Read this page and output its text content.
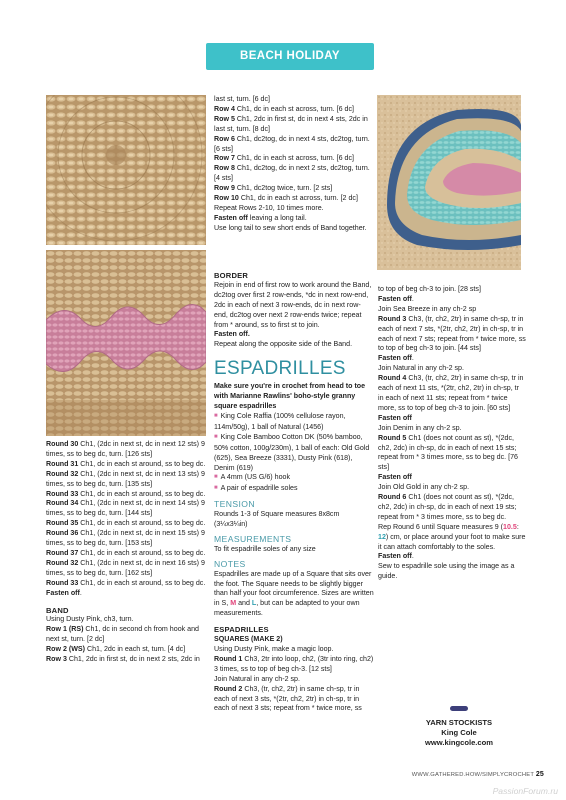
BEACH HOLIDAY COLLECTION

last st, turn. [6 dc]

Row 4 Ch1, dc in each st across, turn. [6 dc]

Row 5 Ch1, 2dc in first st, dc in next 4 sts, 2dc in last st, turn. [8 dc]

Row 6 Ch1, dc2tog, dc in next 4 sts, dc2tog, turn. [6 sts]

Row 7 Ch1, dc in each st across, turn. [6 dc]

Row 8 Ch1, dc2tog, dc in next 2 sts, dc2tog, turn. [4 sts]

Row 9 Ch1, dc2tog twice, turn. [2 sts]

Row 10 Ch1, dc in each st across, turn. [2 dc]

Repeat Rows 2-10, 10 times more.

Fasten off leaving a long tail.

Use long tail to sew short ends of Band together.

BORDER

Rejoin in end of first row to work around the Band, dc2tog over first 2 row-ends, *dc in next row-end, 2dc in each of next 3 row-ends, dc in next row-end, dc2tog over next 2 row-ends twice; repeat from * around, ss to first st to join.

Fasten off.

Repeat along the opposite side of the Band.

ESPADRILLES

Make sure you're in crochet from head to toe with Marianne Rawlins' boho-style granny square espadrilles

■ King Cole Raffia (100% cellulose rayon, 114m/50g), 1 ball of Natural (1456)

■ King Cole Bamboo Cotton DK (50% bamboo, 50% cotton, 100g/230m), 1 ball of each: Old Gold (625), Sea Breeze (3331), Dusty Pink (618), Denim (619)

■ A 4mm (US G/6) hook

■ A pair of espadrille soles

TENSION

Rounds 1-3 of Square measures 8x8cm (3¼x3¼in)

MEASUREMENTS

To fit espadrille soles of any size

NOTES

Espadrilles are made up of a Square that sits over the foot. The Square needs to be slightly bigger than half your foot circumference. Sizes are written in S, M and L, but can be adapted to your own measurements.

ESPADRILLES

SQUARES (MAKE 2)

Using Dusty Pink, make a magic loop.

Round 1 Ch3, 2tr into loop, ch2, (3tr into ring, ch2) 3 times, ss to top of beg ch-3. [12 sts]

Join Natural in any ch-2 sp.

Round 2 Ch3, (tr, ch2, 2tr) in same ch-sp, tr in each of next 3 sts, *(2tr, ch2, 2tr) in ch-sp, tr in each of next 3 sts; repeat from * twice more, ss

to top of beg ch-3 to join. [28 sts]

Fasten off.

Join Sea Breeze in any ch-2 sp

Round 3 Ch3, (tr, ch2, 2tr) in same ch-sp, tr in each of next 7 sts, *(2tr, ch2, 2tr) in ch-sp, tr in each of next 7 sts; repeat from * twice more, ss to top of beg ch-3 to join. [44 sts]

Fasten off.

Join Natural in any ch-2 sp.

Round 4 Ch3, (tr, ch2, 2tr) in same ch-sp, tr in each of next 11 sts, *(2tr, ch2, 2tr) in ch-sp, tr in each of next 11 sts; repeat from * twice more, ss to top of beg ch-3 to join. [60 sts]

Fasten off

Join Denim in any ch-2 sp.

Round 5 Ch1 (does not count as st), *(2dc, ch2, 2dc) in ch-sp, dc in each of next 15 sts; repeat from * 3 times more, ss to beg dc. [76 sts]

Fasten off

Join Old Gold in any ch-2 sp.

Round 6 Ch1 (does not count as st), *(2dc, ch2, 2dc) in ch-sp, dc in each of next 19 sts; repeat from * 3 times more, ss to beg dc.

Rep Round 6 until Square measures 9 (10.5: 12) cm, or place around your foot to make sure it can attach comfortably to the soles.

Fasten off.

Sew to espadrille sole using the image as a guide.

Round 30 Ch1, (2dc in next st, dc in next 12 sts) 9 times, ss to beg dc, turn. [126 sts]

Round 31 Ch1, dc in each st around, ss to beg dc.

Round 32 Ch1, (2dc in next st, dc in next 13 sts) 9 times, ss to beg dc, turn. [135 sts]

Round 33 Ch1, dc in each st around, ss to beg dc.

Round 34 Ch1, (2dc in next st, dc in next 14 sts) 9 times, ss to beg dc, turn. [144 sts]

Round 35 Ch1, dc in each st around, ss to beg dc.

Round 36 Ch1, (2dc in next st, dc in next 15 sts) 9 times, ss to beg dc, turn. [153 sts]

Round 37 Ch1, dc in each st around, ss to beg dc.

Round 32 Ch1, (2dc in next st, dc in next 16 sts) 9 times, ss to beg dc, turn. [162 sts]

Round 33 Ch1, dc in each st around, ss to beg dc.

Fasten off.

BAND

Using Dusty Pink, ch3, turn.

Row 1 (RS) Ch1, dc in second ch from hook and next st, turn. [2 dc]

Row 2 (WS) Ch1, 2dc in each st, turn. [4 dc]

Row 3 Ch1, 2dc in first st, dc in next 2 sts, 2dc in

YARN STOCKISTS
King Cole
www.kingcole.com
WWW.GATHERED.HOW/SIMPLYCROCHET 25
PassionForum.ru
